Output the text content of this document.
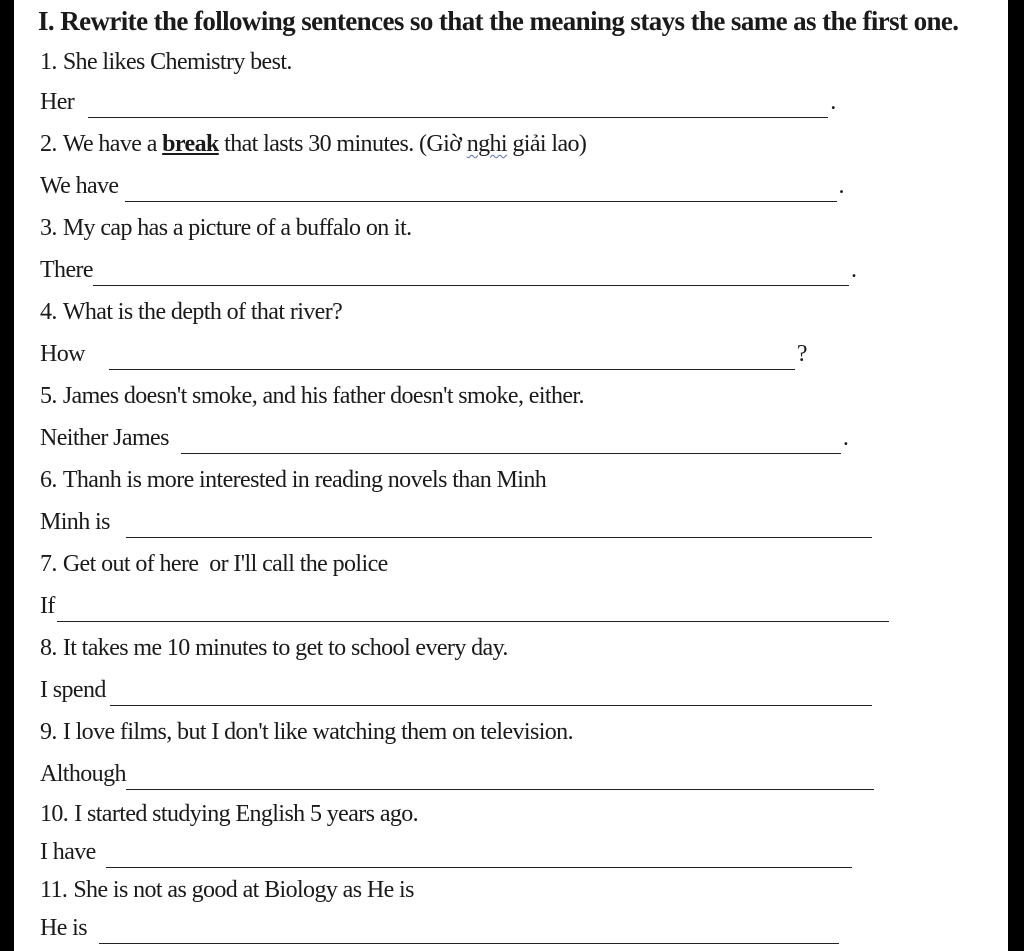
I. Rewrite the following sentences so that the meaning stays the same as the first one.
1. She likes Chemistry best.
Her	.
2. We have a break that lasts 30 minutes. (Giờ nghi giải lao)
We have	.
3. My cap has a picture of a buffalo on it.
There	.
4. What is the depth of that river?
How	?
5. James doesn't smoke, and his father doesn't smoke, either.
Neither James	.
6. Thanh is more interested in reading novels than Minh
Minh is
7. Get out of here  or I'll call the police
If
8. It takes me 10 minutes to get to school every day.
I spend
9. I love films, but I don't like watching them on television.
Although
10. I started studying English 5 years ago.
I have
11. She is not as good at Biology as He is
He is
